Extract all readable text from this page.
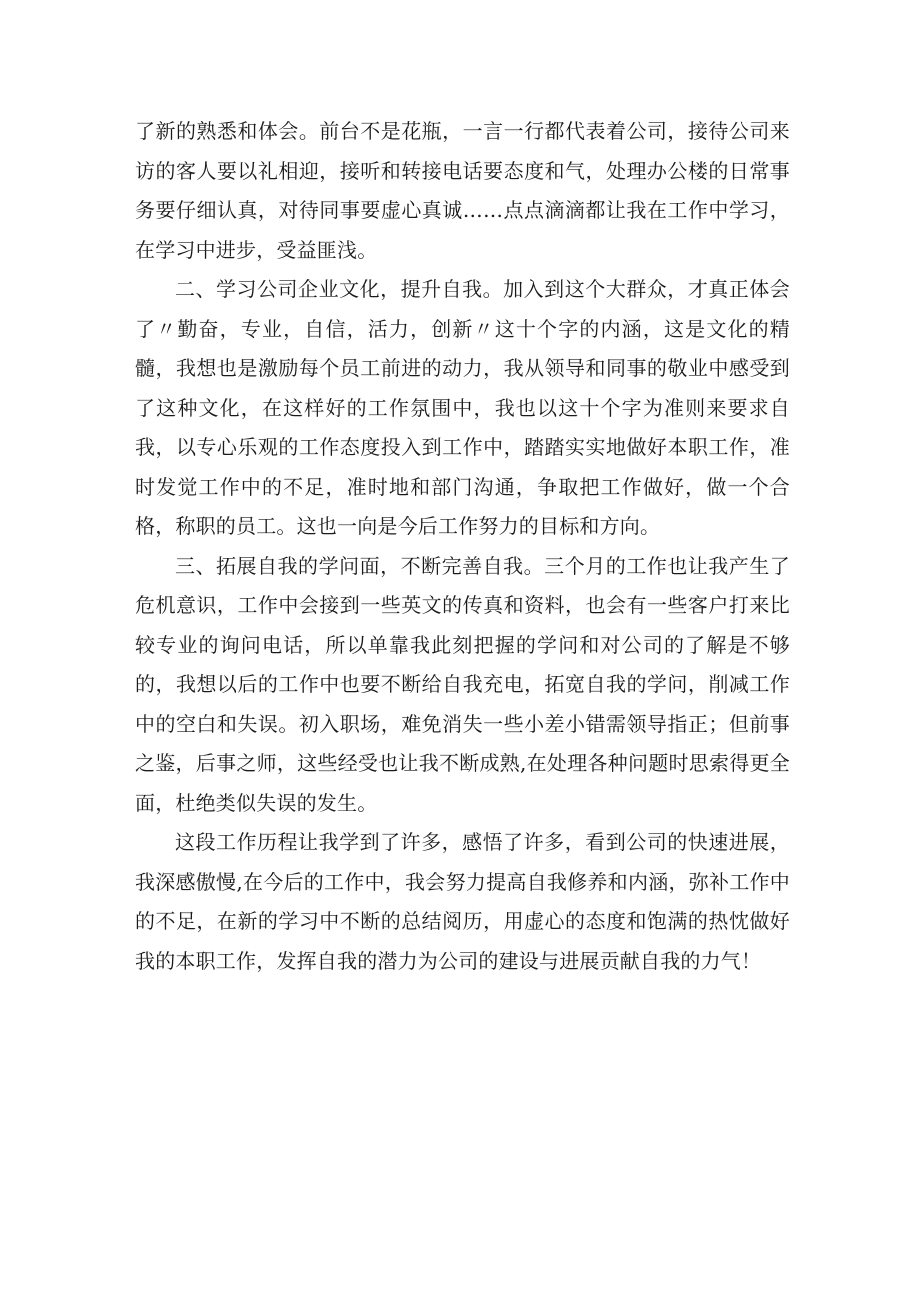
了新的熟悉和体会。前台不是花瓶，一言一行都代表着公司，接待公司来访的客人要以礼相迎，接听和转接电话要态度和气，处理办公楼的日常事务要仔细认真，对待同事要虚心真诚……点点滴滴都让我在工作中学习，在学习中进步，受益匪浅。

二、学习公司企业文化，提升自我。加入到这个大群众，才真正体会了〃勤奋，专业，自信，活力，创新〃这十个字的内涵，这是文化的精髓，我想也是激励每个员工前进的动力，我从领导和同事的敬业中感受到了这种文化，在这样好的工作氛围中，我也以这十个字为准则来要求自我，以专心乐观的工作态度投入到工作中，踏踏实实地做好本职工作，准时发觉工作中的不足，准时地和部门沟通，争取把工作做好，做一个合格，称职的员工。这也一向是今后工作努力的目标和方向。

三、拓展自我的学问面，不断完善自我。三个月的工作也让我产生了危机意识，工作中会接到一些英文的传真和资料，也会有一些客户打来比较专业的询问电话，所以单靠我此刻把握的学问和对公司的了解是不够的，我想以后的工作中也要不断给自我充电，拓宽自我的学问，削减工作中的空白和失误。初入职场，难免消失一些小差小错需领导指正；但前事之鉴，后事之师，这些经受也让我不断成熟,在处理各种问题时思索得更全面，杜绝类似失误的发生。

这段工作历程让我学到了许多，感悟了许多，看到公司的快速进展，我深感傲慢,在今后的工作中，我会努力提高自我修养和内涵，弥补工作中的不足，在新的学习中不断的总结阅历，用虚心的态度和饱满的热忱做好我的本职工作，发挥自我的潜力为公司的建设与进展贡献自我的力气！
